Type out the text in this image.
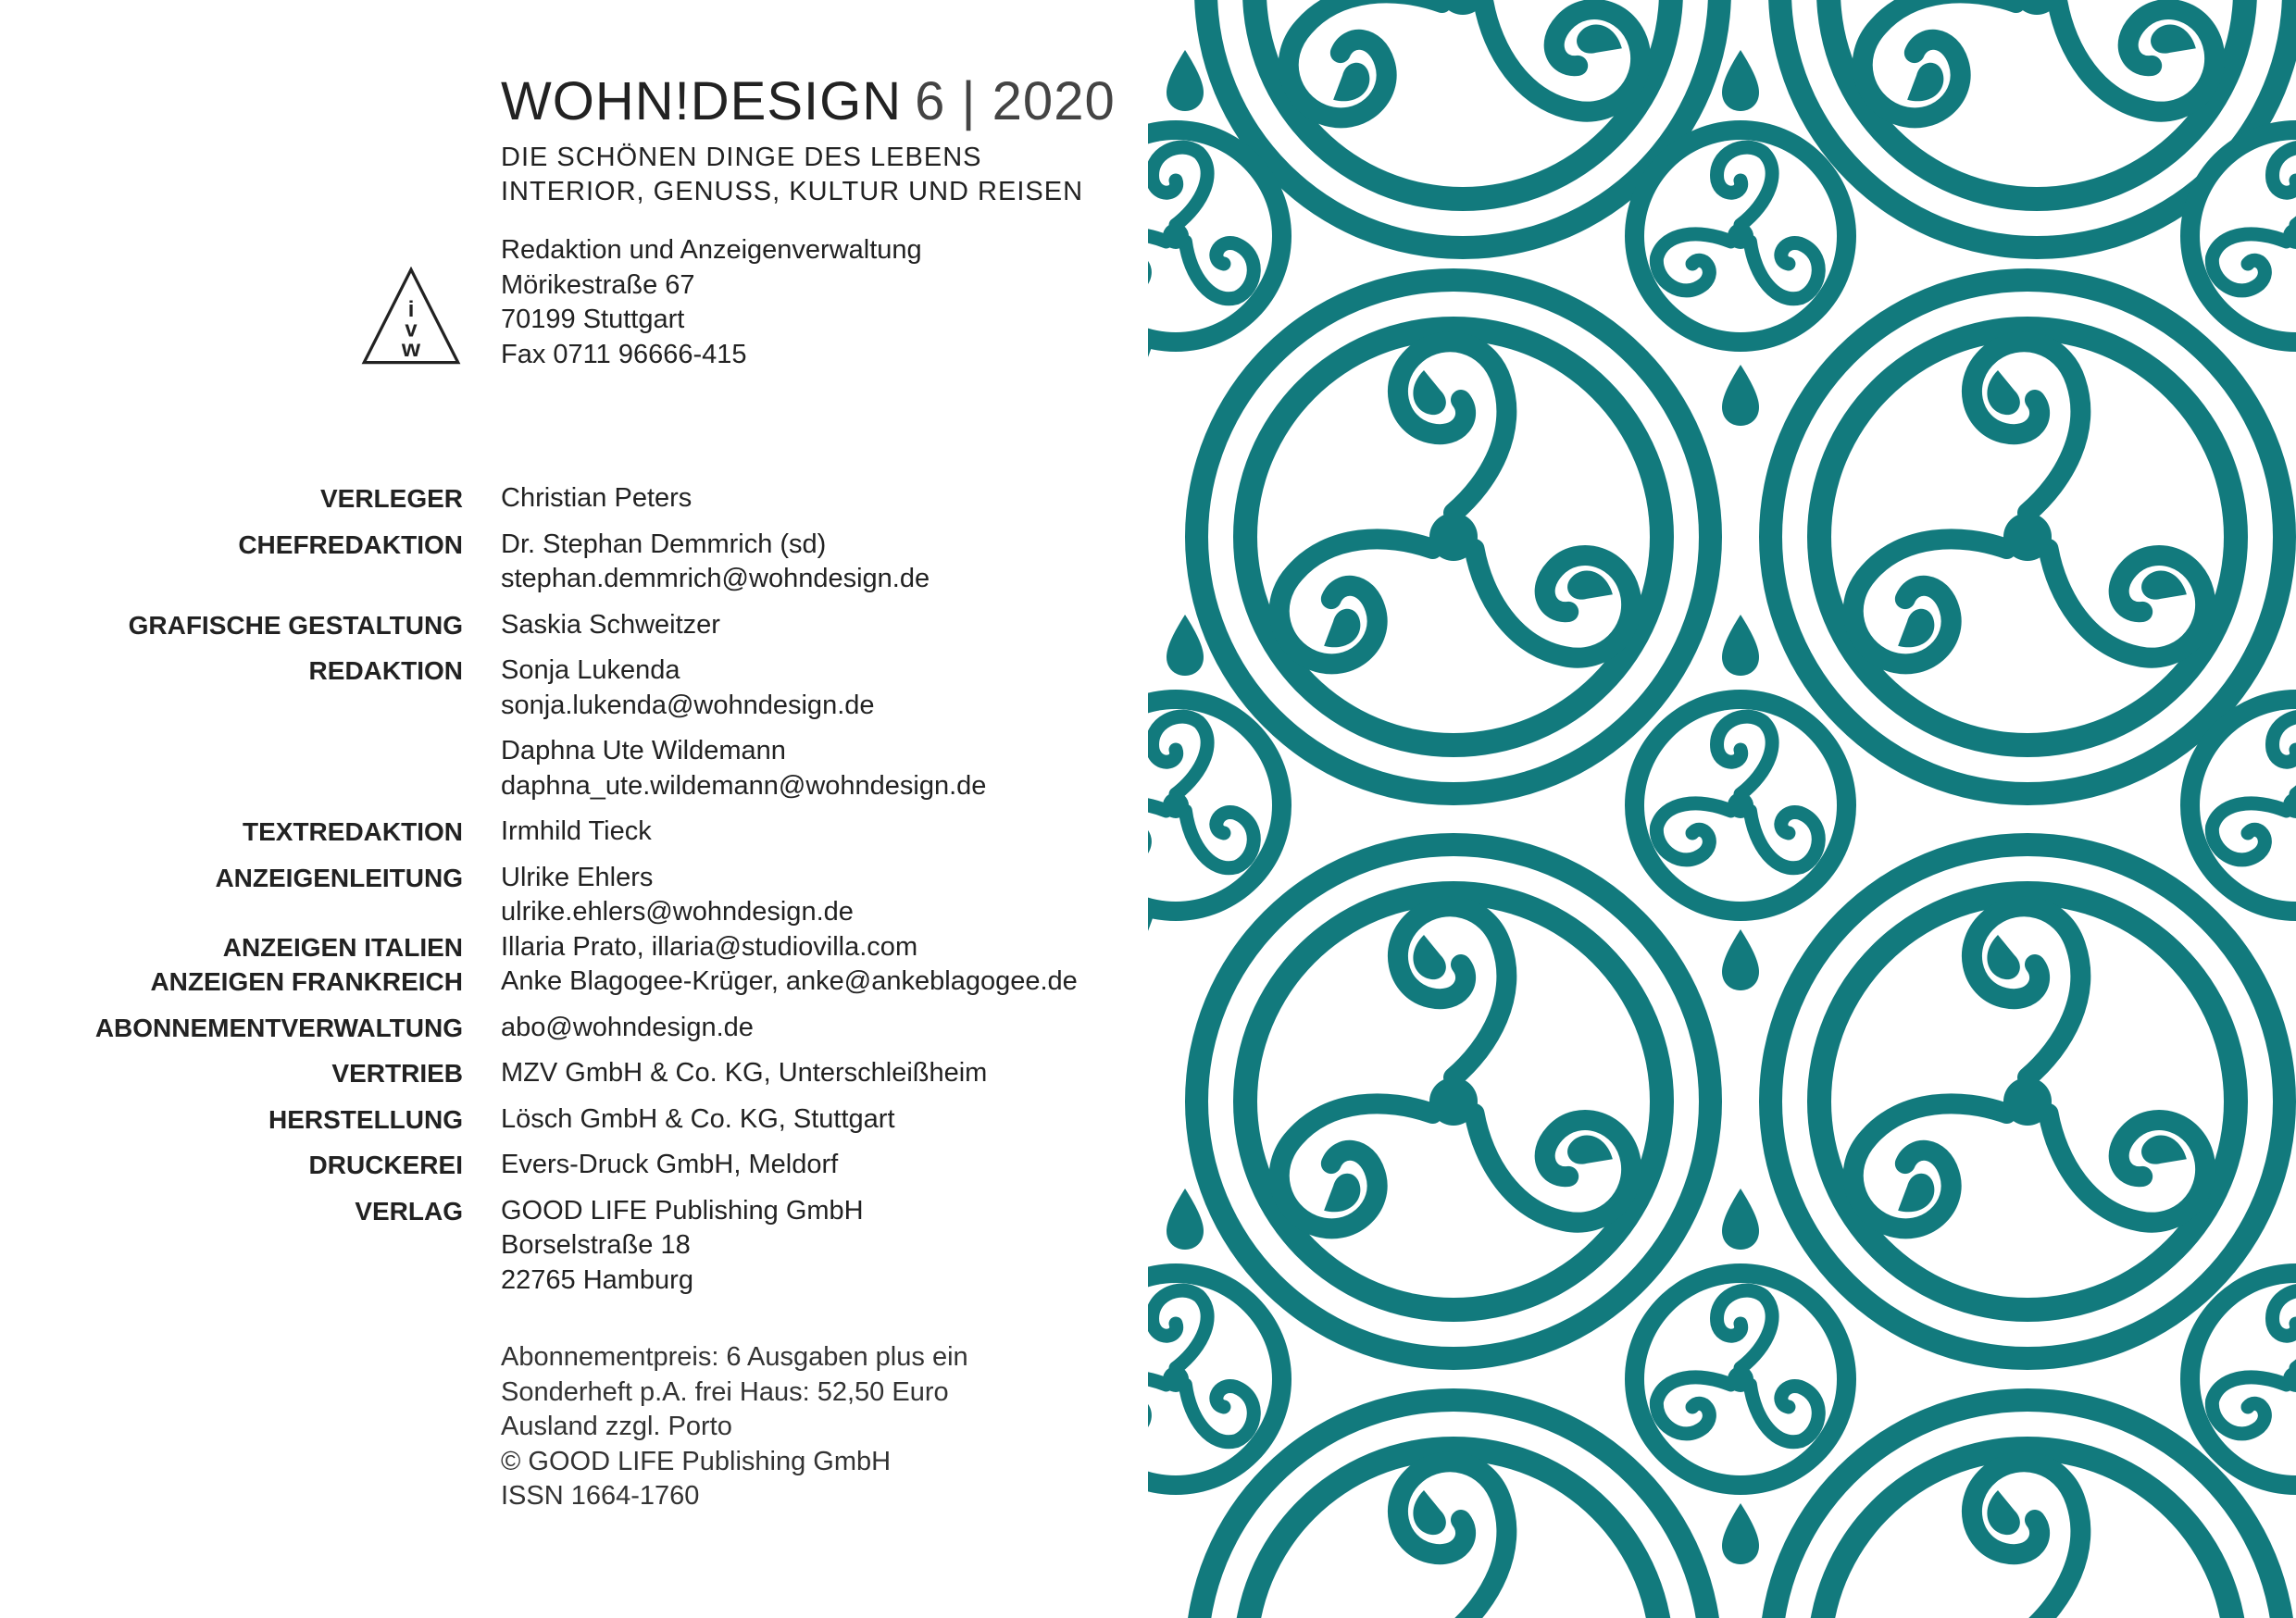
WOHN!DESIGN 6 | 2020
DIE SCHÖNEN DINGE DES LEBENS
INTERIOR, GENUSS, KULTUR UND REISEN
i
v
w
Redaktion und Anzeigenverwaltung
Mörikestraße 67
70199 Stuttgart
Fax 0711 96666-415
VERLEGER Christian Peters
CHEFREDAKTION Dr. Stephan Demmrich (sd)
stephan.demmrich@wohndesign.de
GRAFISCHE GESTALTUNG Saskia Schweitzer
REDAKTION Sonja Lukenda
sonja.lukenda@wohndesign.de
Daphna Ute Wildemann
daphna_ute.wildemann@wohndesign.de
TEXTREDAKTION Irmhild Tieck
ANZEIGENLEITUNG
ANZEIGEN ITALIEN
ANZEIGEN FRANKREICH
Ulrike Ehlers
ulrike.ehlers@wohndesign.de
Illaria Prato, illaria@studiovilla.com
Anke Blagogee-Krüger, anke@ankeblagogee.de
ABONNEMENTVERWALTUNG abo@wohndesign.de
VERTRIEB MZV GmbH & Co. KG, Unterschleißheim
HERSTELLUNG Lösch GmbH & Co. KG, Stuttgart
DRUCKEREI Evers-Druck GmbH, Meldorf
VERLAG GOOD LIFE Publishing GmbH
Borselstraße 18
22765 Hamburg
Abonnementpreis: 6 Ausgaben plus ein
Sonderheft p.A. frei Haus: 52,50 Euro
Ausland zzgl. Porto
© GOOD LIFE Publishing GmbH
ISSN 1664-1760
